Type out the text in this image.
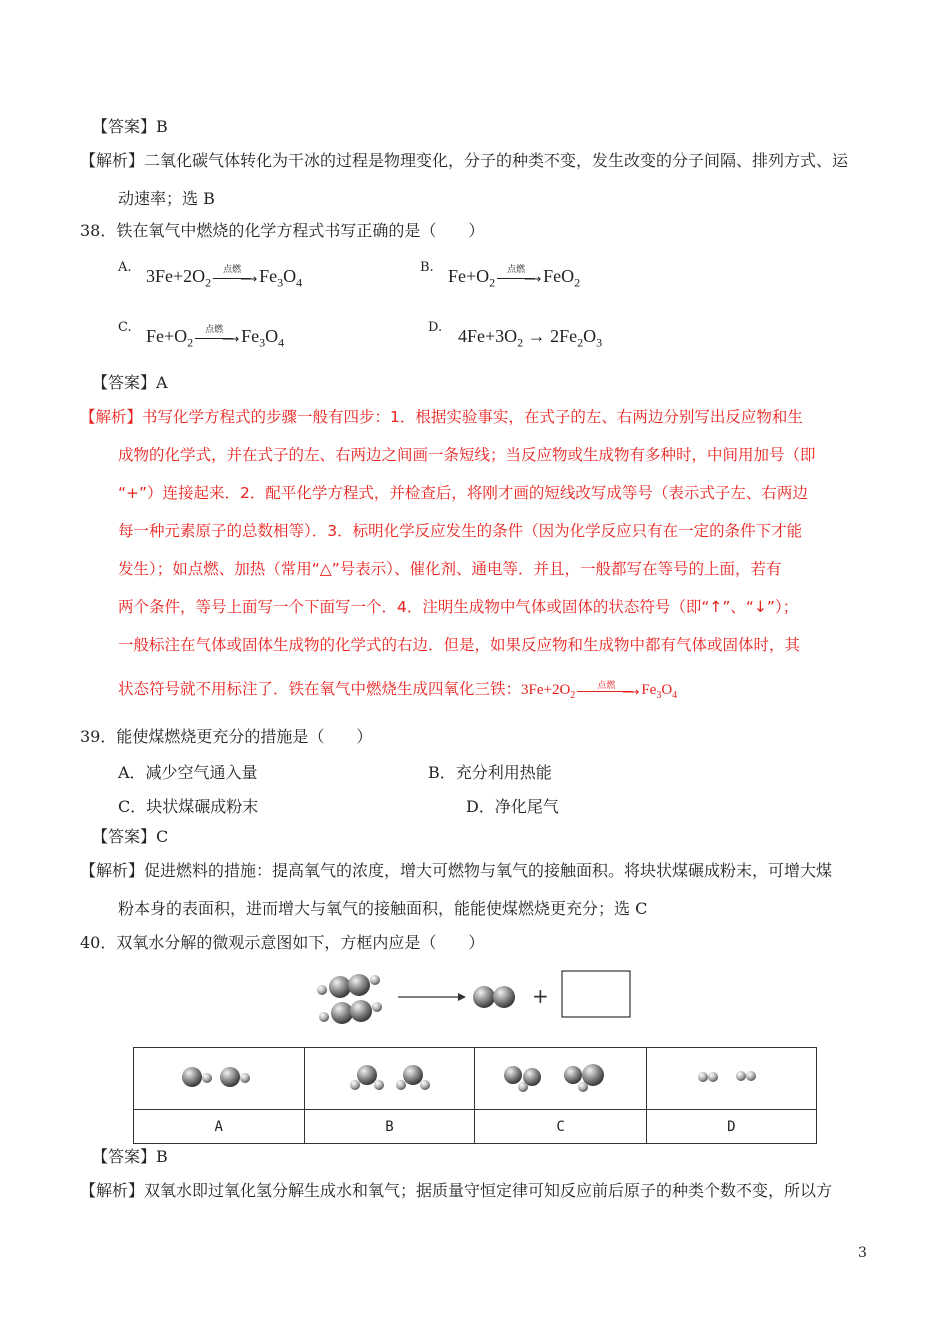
【答案】B
【解析】二氧化碳气体转化为干冰的过程是物理变化，分子的种类不变，发生改变的分子间隔、排列方式、运
动速率；选 B
38．铁在氧气中燃烧的化学方程式书写正确的是（　　）
A. $3Fe+2O_2$
点燃
⟶ $Fe_3O_4$
B. $Fe+O_2$
点燃
⟶ FeO$_2$
C. $Fe+O_2$
点燃
⟶ $Fe_3O_4$
D. $4Fe+3O_2 \to 2Fe_2O_3$
【答案】A
【解析】书写化学方程式的步骤一般有四步：1．根据实验事实，在式子的左、右两边分别写出反应物和生
成物的化学式，并在式子的左、右两边之间画一条短线；当反应物或生成物有多种时，中间用加号（即
“+”）连接起来．2．配平化学方程式，并检查后，将刚才画的短线改写成等号（表示式子左、右两边
每一种元素原子的总数相等）．3．标明化学反应发生的条件（因为化学反应只有在一定的条件下才能
发生）；如点燃、加热（常用“△”号表示）、催化剂、通电等．并且，一般都写在等号的上面，若有
两个条件，等号上面写一个下面写一个．4．注明生成物中气体或固体的状态符号（即“↑”、“↓”）；
一般标注在气体或固体生成物的化学式的右边．但是，如果反应物和生成物中都有气体或固体时，其
状态符号就不用标注了．铁在氧气中燃烧生成四氧化三铁：$3Fe+2O_2$
点燃 ⟶ $Fe_3O_4$
39．能使煤燃烧更充分的措施是（　　）
A．减少空气通入量	B．充分利用热能
C．块状煤碾成粉末	D．净化尾气
【答案】C
【解析】促进燃料的措施：提高氧气的浓度，增大可燃物与氧气的接触面积。将块状煤碾成粉末，可增大煤
粉本身的表面积，进而增大与氧气的接触面积，能能使煤燃烧更充分；选 C
40．双氧水分解的微观示意图如下，方框内应是（　　）
+

A	B	C	D
【答案】B
【解析】双氧水即过氧化氢分解生成水和氧气；据质量守恒定律可知反应前后原子的种类个数不变，所以方
3
